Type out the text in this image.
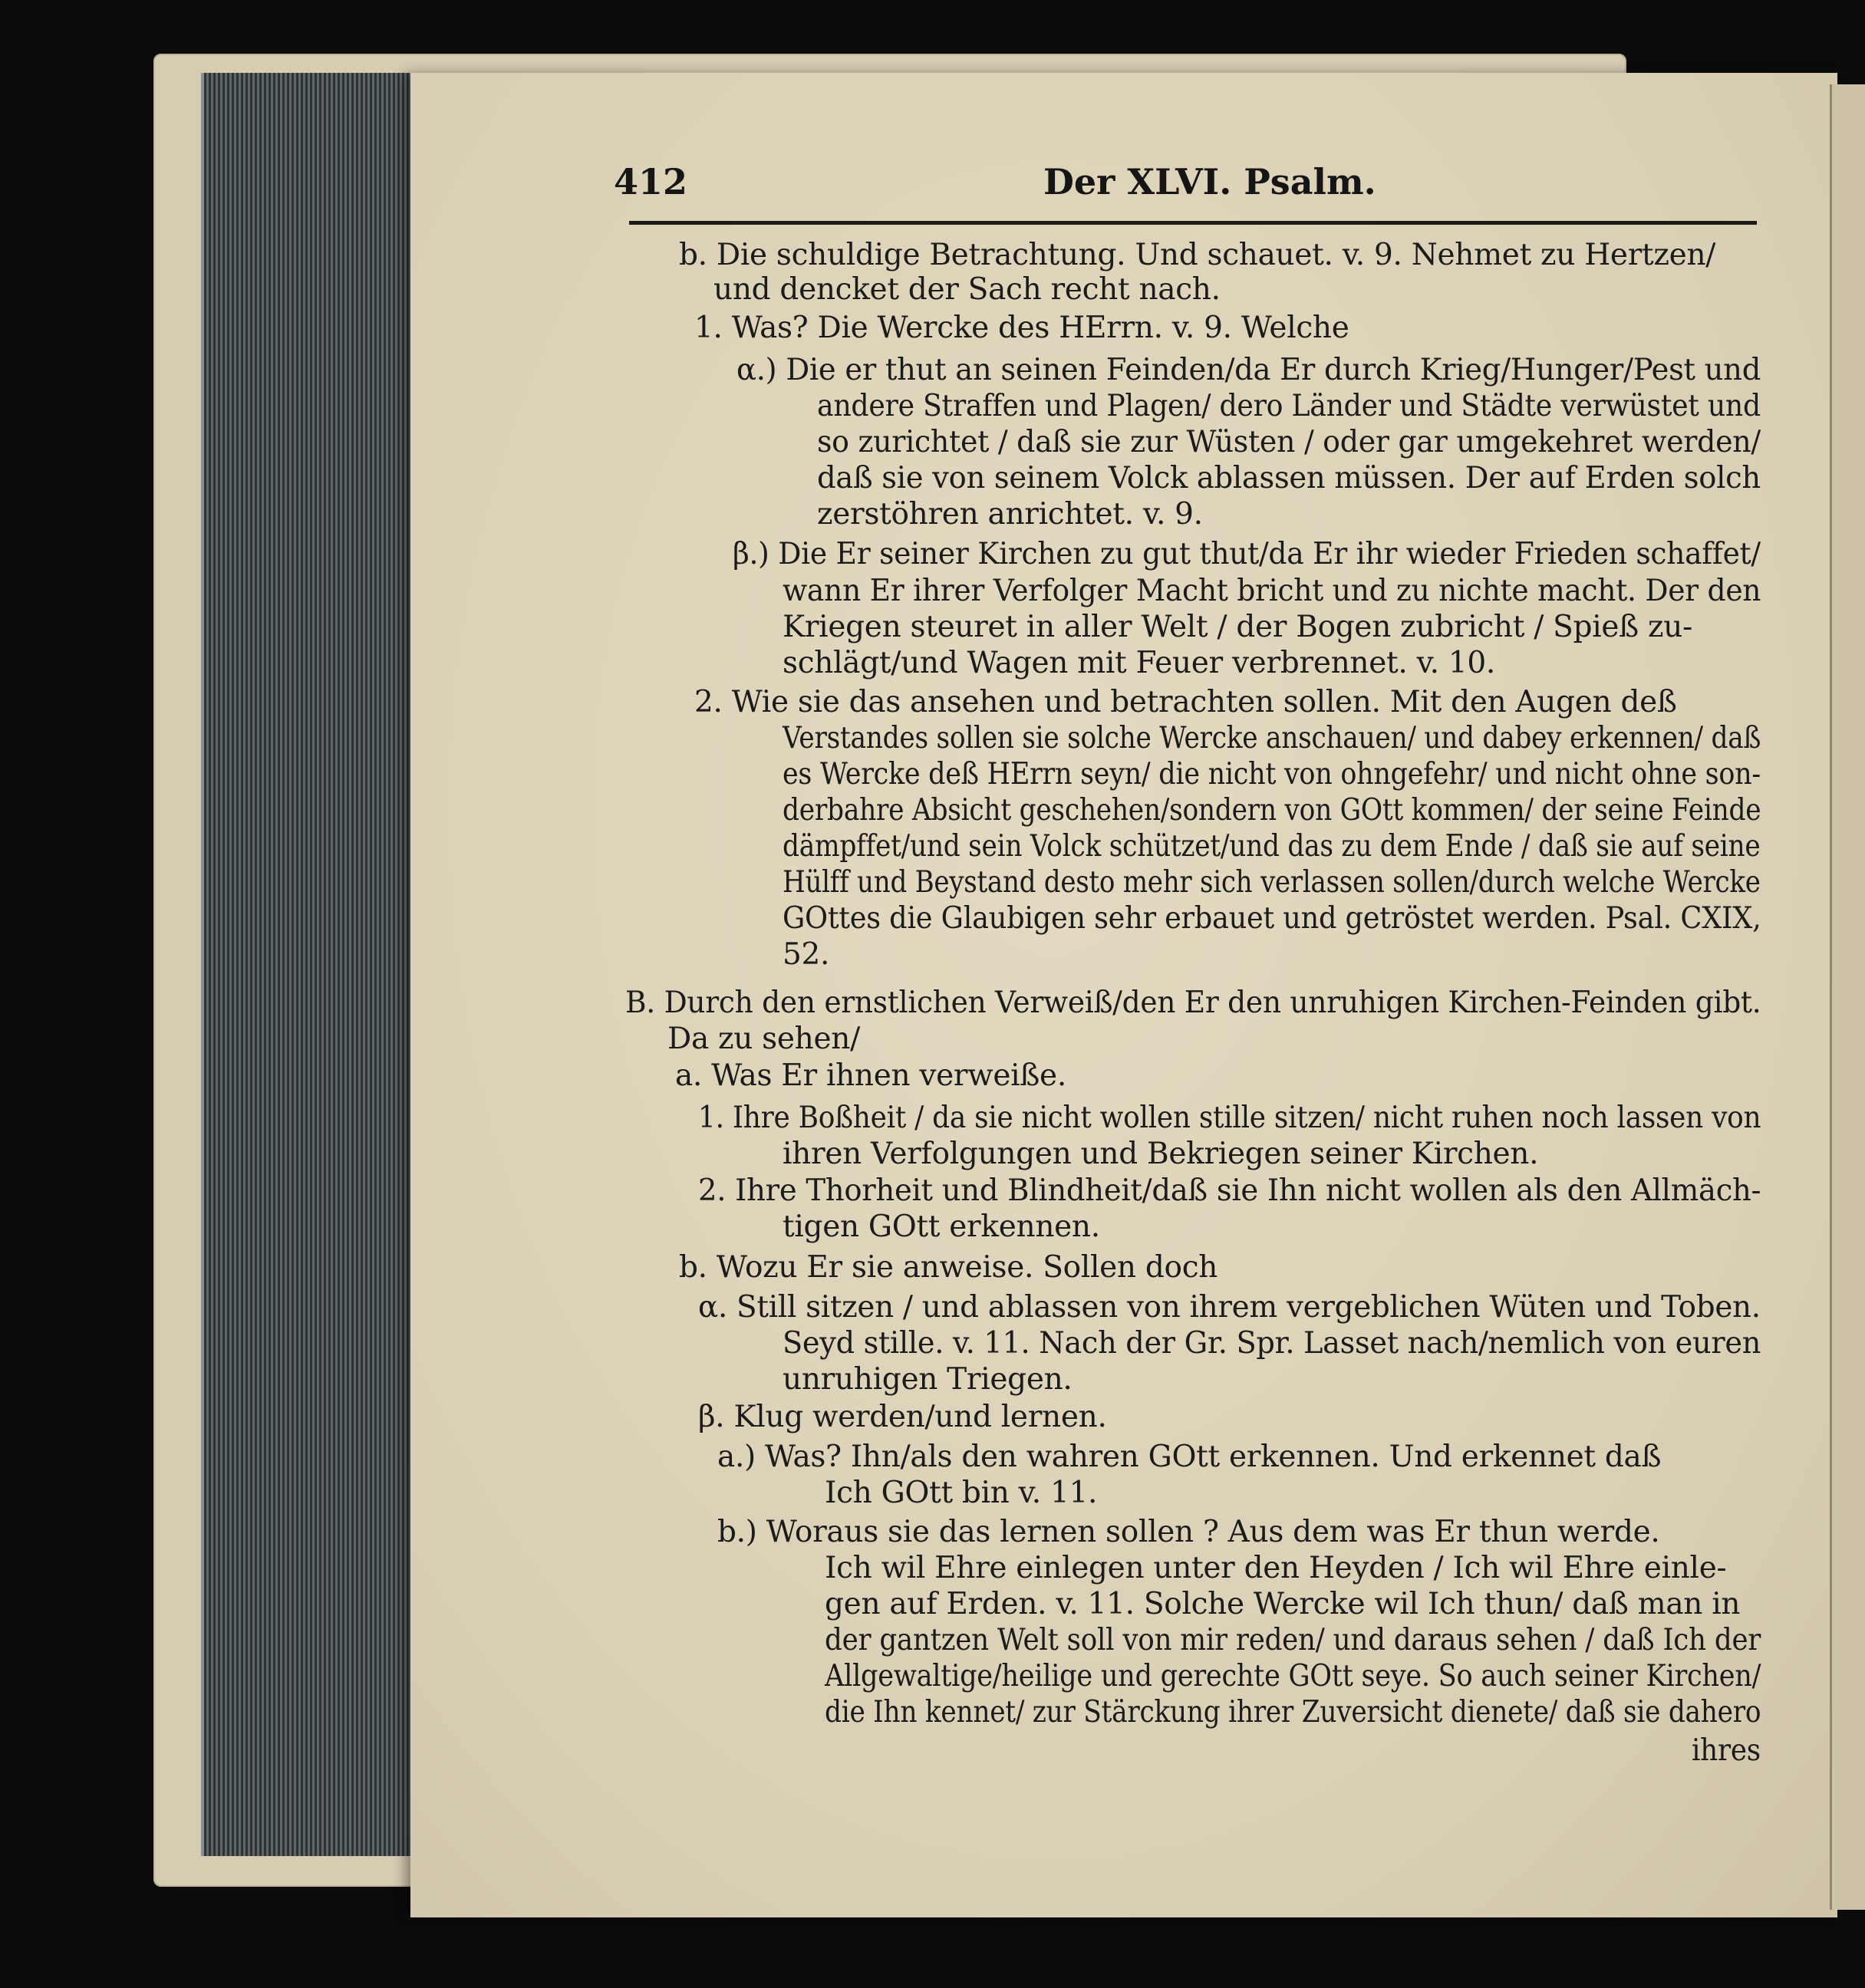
412	Der XLVI. Psalm.
b. Die schuldige Betrachtung. Und schauet. v. 9. Nehmet zu Hertzen/
und dencket der Sach recht nach.
1. Was? Die Wercke des HErrn. v. 9. Welche
α.) Die er thut an seinen Feinden/da Er durch Krieg/Hunger/Pest und
andere Straffen und Plagen/ dero Länder und Städte verwüstet und
so zurichtet / daß sie zur Wüsten / oder gar umgekehret werden/
daß sie von seinem Volck ablassen müssen. Der auf Erden solch
zerstöhren anrichtet. v. 9.
β.) Die Er seiner Kirchen zu gut thut/da Er ihr wieder Frieden schaffet/
wann Er ihrer Verfolger Macht bricht und zu nichte macht. Der den
Kriegen steuret in aller Welt / der Bogen zubricht / Spieß zu-
schlägt/und Wagen mit Feuer verbrennet. v. 10.
2. Wie sie das ansehen und betrachten sollen. Mit den Augen deß
Verstandes sollen sie solche Wercke anschauen/ und dabey erkennen/ daß
es Wercke deß HErrn seyn/ die nicht von ohngefehr/ und nicht ohne son-
derbahre Absicht geschehen/sondern von GOtt kommen/ der seine Feinde
dämpffet/und sein Volck schützet/und das zu dem Ende / daß sie auf seine
Hülff und Beystand desto mehr sich verlassen sollen/durch welche Wercke
GOttes die Glaubigen sehr erbauet und getröstet werden. Psal. CXIX,
52.
B. Durch den ernstlichen Verweiß/den Er den unruhigen Kirchen-Feinden gibt.
Da zu sehen/
a. Was Er ihnen verweiße.
1. Ihre Boßheit / da sie nicht wollen stille sitzen/ nicht ruhen noch lassen von
ihren Verfolgungen und Bekriegen seiner Kirchen.
2. Ihre Thorheit und Blindheit/daß sie Ihn nicht wollen als den Allmäch-
tigen GOtt erkennen.
b. Wozu Er sie anweise. Sollen doch
α. Still sitzen / und ablassen von ihrem vergeblichen Wüten und Toben.
Seyd stille. v. 11. Nach der Gr. Spr. Lasset nach/nemlich von euren
unruhigen Triegen.
β. Klug werden/und lernen.
a.) Was? Ihn/als den wahren GOtt erkennen. Und erkennet daß
Ich GOtt bin v. 11.
b.) Woraus sie das lernen sollen ? Aus dem was Er thun werde.
Ich wil Ehre einlegen unter den Heyden / Ich wil Ehre einle-
gen auf Erden. v. 11. Solche Wercke wil Ich thun/ daß man in
der gantzen Welt soll von mir reden/ und daraus sehen / daß Ich der
Allgewaltige/heilige und gerechte GOtt seye. So auch seiner Kirchen/
die Ihn kennet/ zur Stärckung ihrer Zuversicht dienete/ daß sie dahero
ihres
